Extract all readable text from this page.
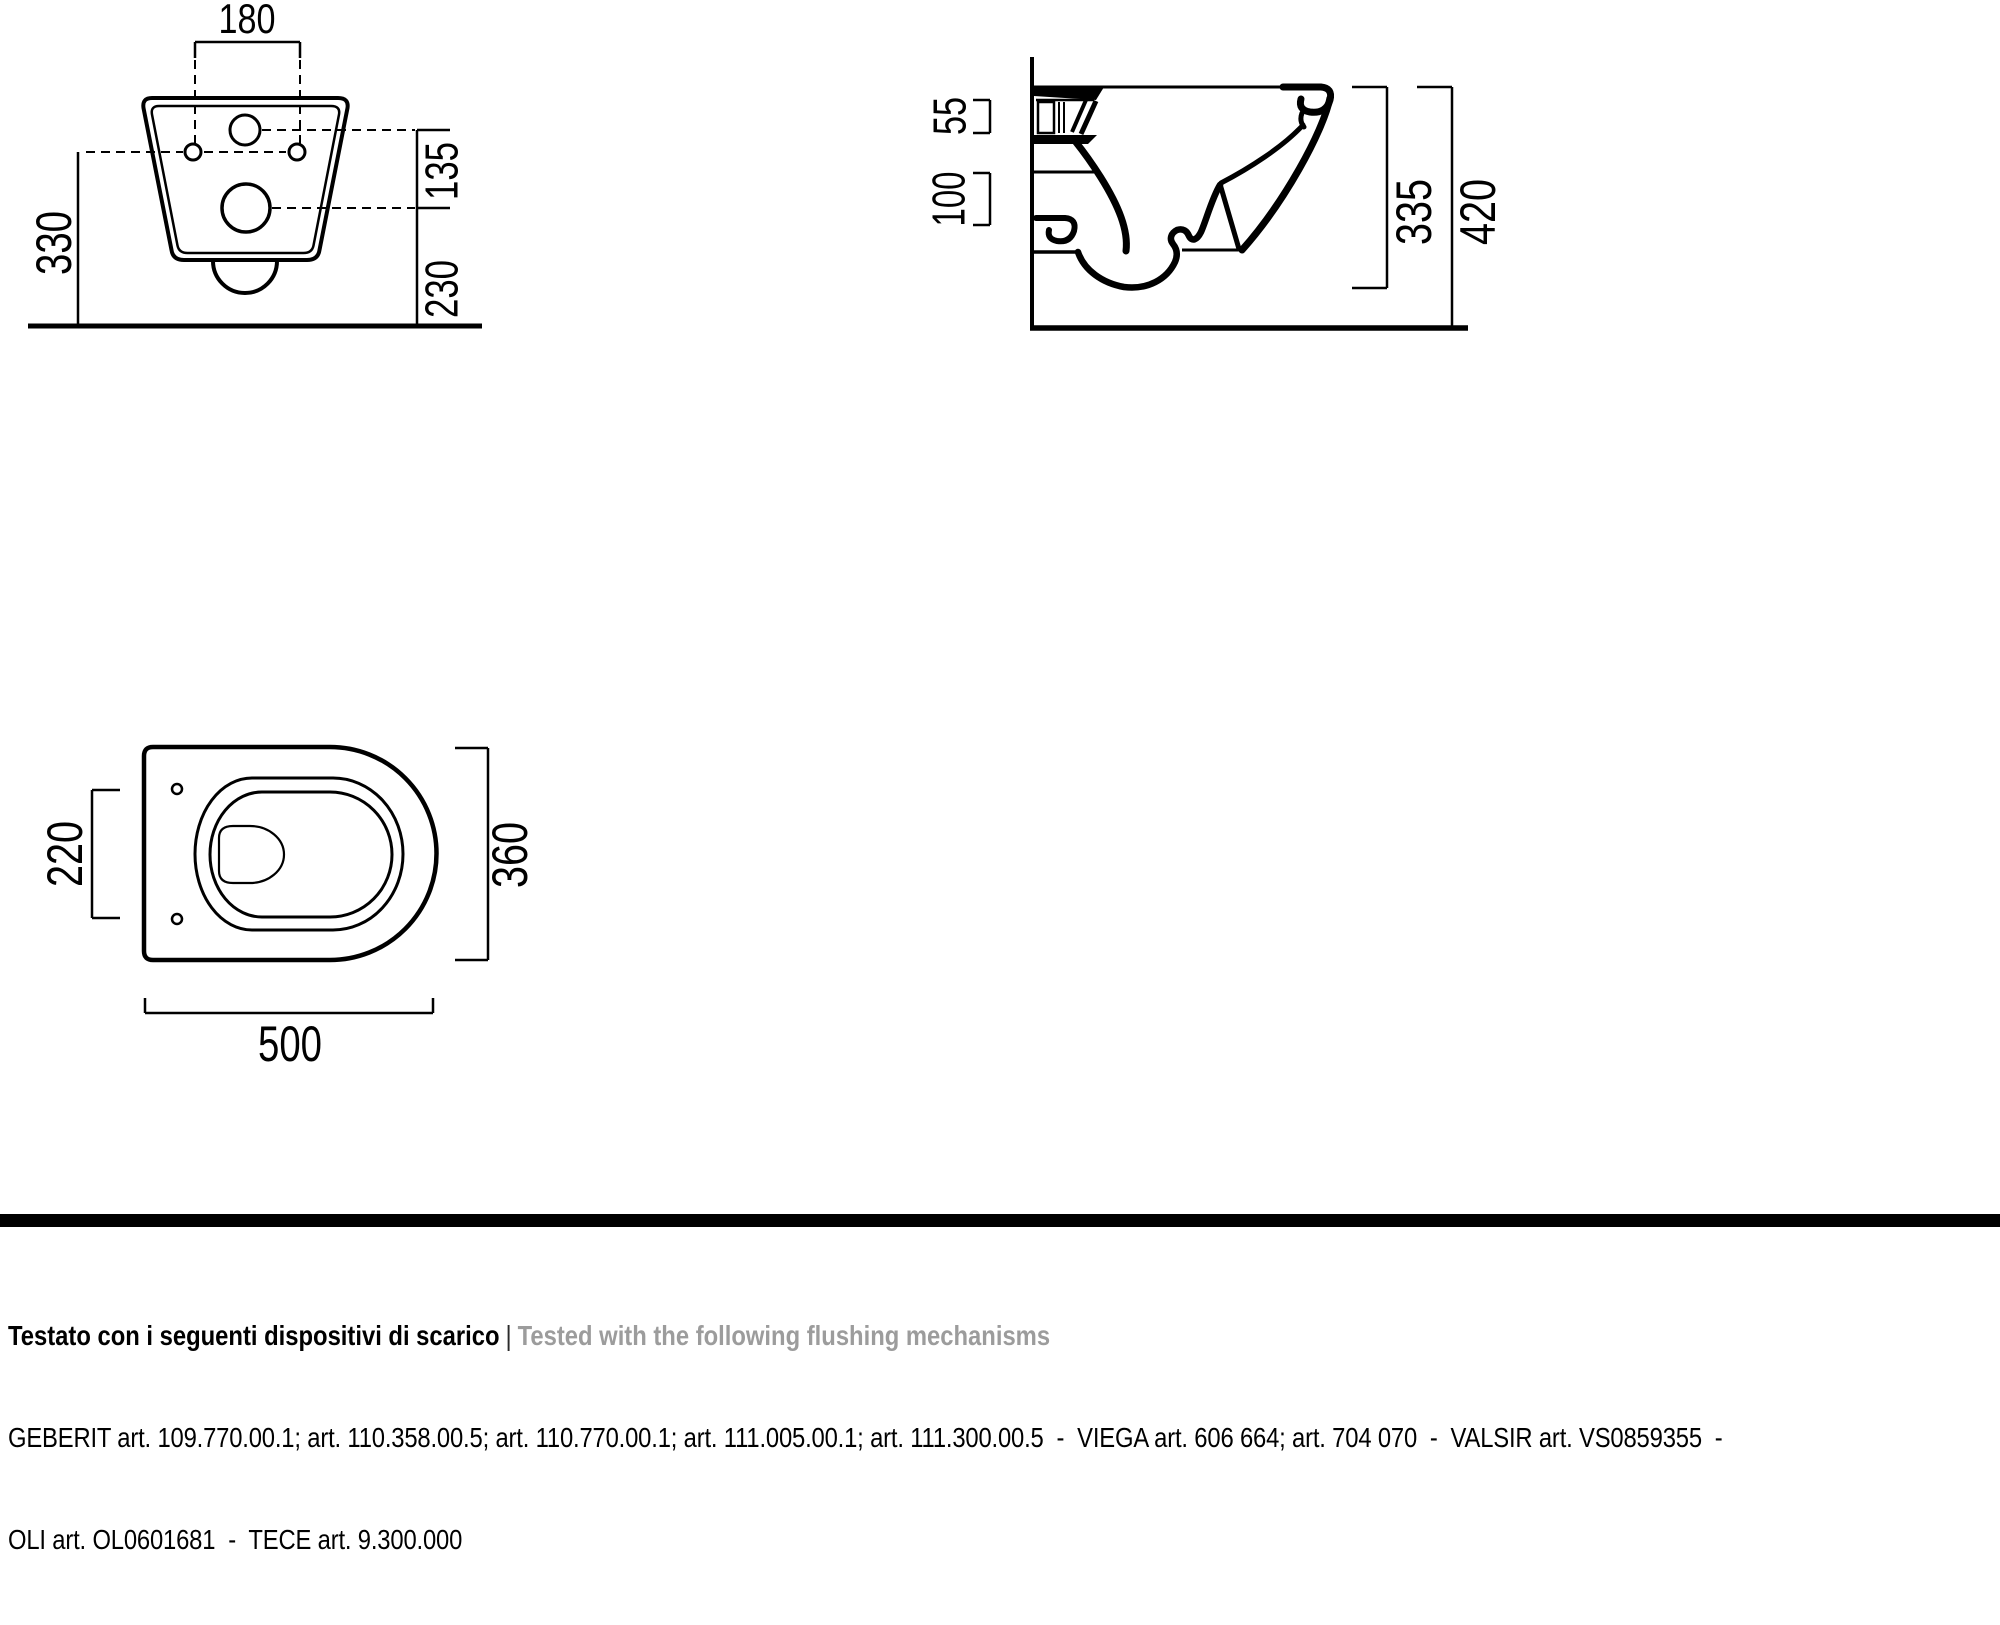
180
330
135
230
55
100	335 420
220	360
500

Testato con i seguenti dispositivi di scarico | Tested with the following flushing mechanisms

GEBERIT art. 109.770.00.1; art. 110.358.00.5; art. 110.770.00.1; art. 111.005.00.1; art. 111.300.00.5  -  VIEGA art. 606 664; art. 704 070  -  VALSIR art. VS0859355  -

OLI art. OL0601681  -  TECE art. 9.300.000
